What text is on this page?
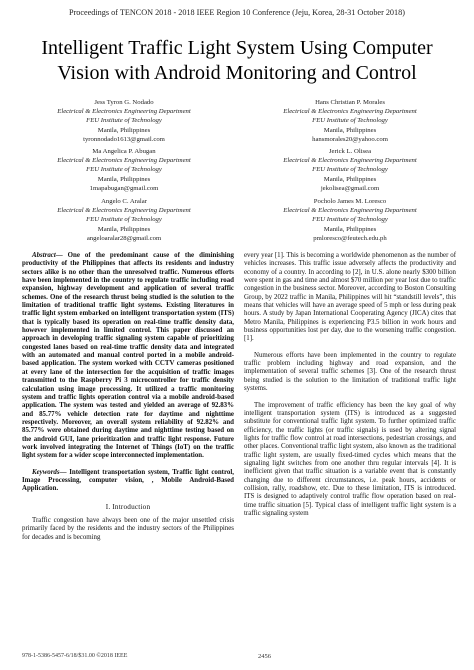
Proceedings of TENCON 2018 - 2018 IEEE Region 10 Conference (Jeju, Korea, 28-31 October 2018)
Intelligent Traffic Light System Using Computer
Vision with Android Monitoring and Control
Jess Tyron G. Nodado
Electrical & Electronics Engineering Department
FEU Institute of Technology
Manila, Philippines
tyronnodado1613@gmail.com
Hans Christian P. Morales
Electrical & Electronics Engineering Department
FEU Institute of Technology
Manila, Philippines
hansmorales20@yahoo.com
Ma Angelica P. Abugan
Electrical & Electronics Engineering Department
FEU Institute of Technology
Manila, Philippines
1mapabugan@gmail.com
Jerick L. Olisea
Electrical & Electronics Engineering Department
FEU Institute of Technology
Manila, Philippines
jekolisea@gmail.com
Angelo C. Aralar
Electrical & Electronics Engineering Department
FEU Institute of Technology
Manila, Philippines
angeloaralar28@gmail.com
Pocholo James M. Loresco
Electrical & Electronics Engineering Department
FEU Institute of Technology
Manila, Philippines
pmloresco@feutech.edu.ph

Abstract— One of the predominant cause of the diminishing productivity of the Philippines that affects its residents and industry sectors alike is no other than the unresolved traffic. Numerous efforts have been implemented in the country to regulate traffic including road expansion, highway development and application of several traffic schemes. One of the research thrust being studied is the solution to the limitation of traditional traffic light systems. Existing literatures in traffic light system embarked on intelligent transportation system (ITS) that is typically based its operation on real-time traffic density data, however implemented in limited control. This paper discussed an approach in developing traffic signaling system capable of prioritizing congested lanes based on real-time traffic density data and integrated with an automated and manual control ported in a mobile android-based application. The system worked with CCTV cameras positioned at every lane of the intersection for the acquisition of traffic images transmitted to the Raspberry Pi 3 microcontroller for traffic density calculation using image processing. It utilized a traffic monitoring system and traffic lights operation control via a mobile android-based application. The system was tested and yielded an average of 92.83% and 85.77% vehicle detection rate for daytime and nighttime respectively. Moreover, an overall system reliability of 92.82% and 85.77% were obtained during daytime and nighttime testing based on the android GUI, lane prioritization and traffic light response. Future work involved integrating the Internet of Things (IoT) on the traffic light system for a wider scope interconnected implementation.

Keywords— Intelligent transportation system, Traffic light control, Image Processing, computer vision, , Mobile Android-Based Application.

I. Introduction

Traffic congestion have always been one of the major unsettled crisis primarily faced by the residents and the industry sectors of the Philippines for decades and is becoming

every year [1]. This is becoming a worldwide phenomenon as the number of vehicles increases. This traffic issue adversely affects the productivity and economy of a country. In according to [2], in U.S. alone nearly $300 billion were spent in gas and time and almost $70 million per year lost due to traffic congestion in the business sector. Moreover, according to Boston Consulting Group, by 2022 traffic in Manila, Philippines will hit “standstill levels”, this means that vehicles will have an average speed of 5 mph or less during peak hours. A study by Japan International Cooperating Agency (JICA) cites that Metro Manila, Philippines is experiencing P3.5 billion in work hours and business opportunities lost per day, due to the worsening traffic congestion. [1].

Numerous efforts have been implemented in the country to regulate traffic problem including highway and road expansion, and the implementation of several traffic schemes [3]. One of the research thrust being studied is the solution to the limitation of traditional traffic light systems.

The improvement of traffic efficiency has been the key goal of why intelligent transportation system (ITS) is introduced as a suggested substitute for conventional traffic light system. To further optimized traffic efficiency, the traffic lights (or traffic signals) is used by altering signal lights for traffic flow control at road intersections, pedestrian crossings, and other places. Conventional traffic light system, also known as the traditional traffic light system, are usually fixed-timed cycles which means that the signaling light switches from one another thru regular intervals [4]. It is inefficient given that traffic situation is a variable event that is constantly changing due to different circumstances, i.e. peak hours, accidents or collision, rally, roadshow, etc. Due to these limitation, ITS is introduced. ITS is designed to adaptively control traffic flow operation based on real-time traffic situation [5]. Typical class of intelligent traffic light system is a traffic signaling system

978-1-5386-5457-6/18/$31.00 ©2018 IEEE	2456
